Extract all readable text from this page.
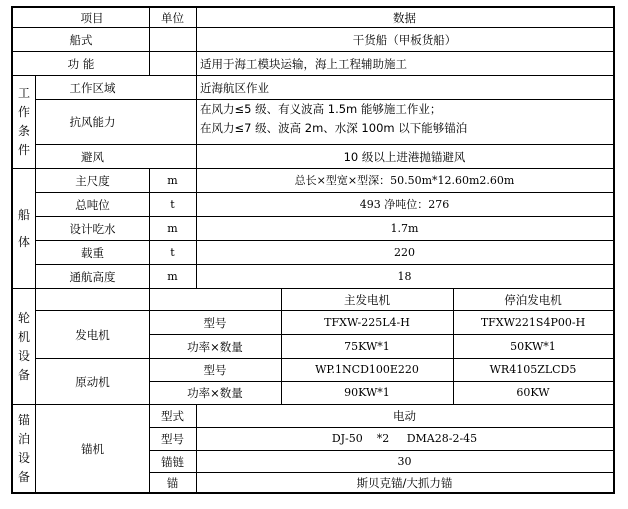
项目	单位	数据
船式	干货船（甲板货船）
功 能	适用于海工模块运输，海上工程辅助施工
工
作
条
件
工作区域	近海航区作业
抗风能力
在风力≤5 级、有义波高 1.5m 能够施工作业；
在风力≤7 级、波高 2m、水深 100m 以下能够锚泊
避风	10 级以上进港抛锚避风
船
体
主尺度	m	总长×型宽×型深：50.50m*12.60m2.60m
总吨位	t	493 净吨位：276
设计吃水	m	1.7m
载重	t	220
通航高度	m	18
轮
机
设
备
主发电机	停泊发电机
发电机
型号	TFXW-225L4-H	TFXW221S4P00-H
功率×数量	75KW*1	50KW*1
原动机
型号	WP.1NCD100E220	WR4105ZLCD5
功率×数量	90KW*1	60KW
锚
泊
设
备
锚机
型式	电动
型号	DJ-50    *2     DMA28-2-45
锚链	30
锚	斯贝克锚/大抓力锚
